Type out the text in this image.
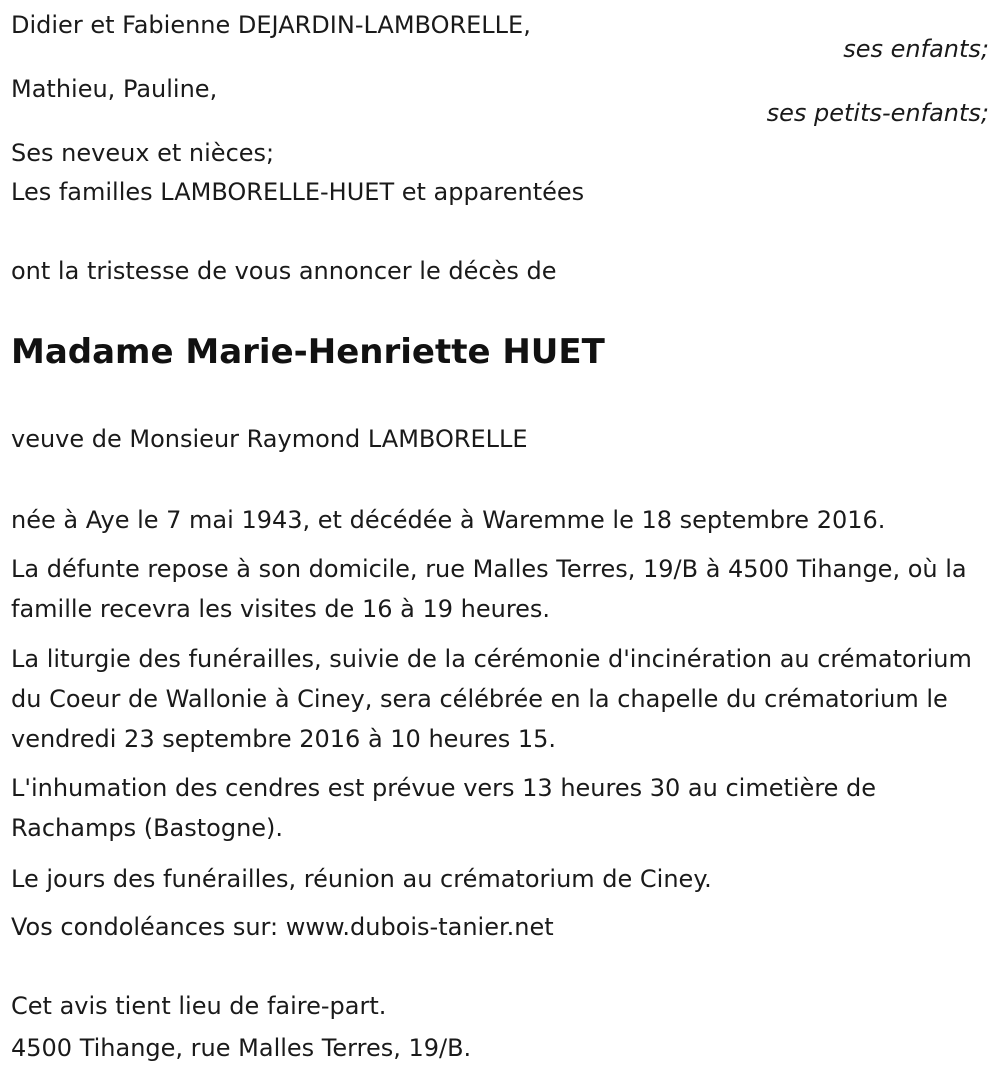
Didier et Fabienne DEJARDIN-LAMBORELLE,
ses enfants;
Mathieu, Pauline,
ses petits-enfants;
Ses neveux et nièces;
Les familles LAMBORELLE-HUET et apparentées
ont la tristesse de vous annoncer le décès de
Madame Marie-Henriette HUET
veuve de Monsieur Raymond LAMBORELLE
née à Aye le 7 mai 1943, et décédée à Waremme le 18 septembre 2016.
La défunte repose à son domicile, rue Malles Terres, 19/B à 4500 Tihange, où la famille recevra les visites de 16 à 19 heures.
La liturgie des funérailles, suivie de la cérémonie d'incinération au crématorium du Coeur de Wallonie à Ciney, sera célébrée en la chapelle du crématorium le vendredi 23 septembre 2016 à 10 heures 15.
L'inhumation des cendres est prévue vers 13 heures 30 au cimetière de Rachamps (Bastogne).
Le jours des funérailles, réunion au crématorium de Ciney.
Vos condoléances sur: www.dubois-tanier.net
Cet avis tient lieu de faire-part.
4500 Tihange, rue Malles Terres, 19/B.
